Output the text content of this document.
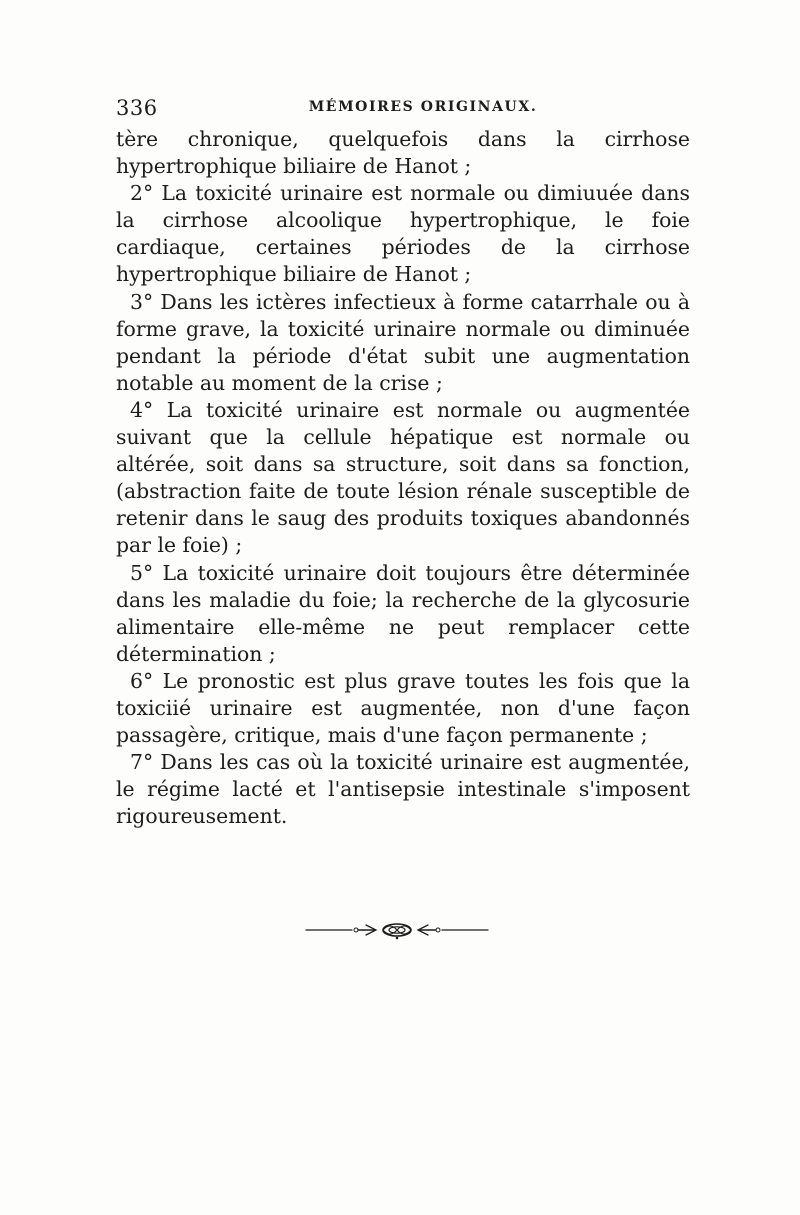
336	MÉMOIRES ORIGINAUX.

tère chronique, quelquefois dans la cirrhose hypertrophique biliaire de Hanot ;

2° La toxicité urinaire est normale ou dimiuuée dans la cirrhose alcoolique hypertrophique, le foie cardiaque, certaines périodes de la cirrhose hypertrophique biliaire de Hanot ;

3° Dans les ictères infectieux à forme catarrhale ou à forme grave, la toxicité urinaire normale ou diminuée pendant la période d'état subit une augmentation notable au moment de la crise ;

4° La toxicité urinaire est normale ou augmentée suivant que la cellule hépatique est normale ou altérée, soit dans sa structure, soit dans sa fonction, (abstraction faite de toute lésion rénale susceptible de retenir dans le saug des produits toxiques abandonnés par le foie) ;

5° La toxicité urinaire doit toujours être déterminée dans les maladie du foie; la recherche de la glycosurie alimentaire elle-même ne peut remplacer cette détermination ;

6° Le pronostic est plus grave toutes les fois que la toxiciié urinaire est augmentée, non d'une façon passagère, critique, mais d'une façon permanente ;

7° Dans les cas où la toxicité urinaire est augmentée, le régime lacté et l'antisepsie intestinale s'imposent rigoureusement.
